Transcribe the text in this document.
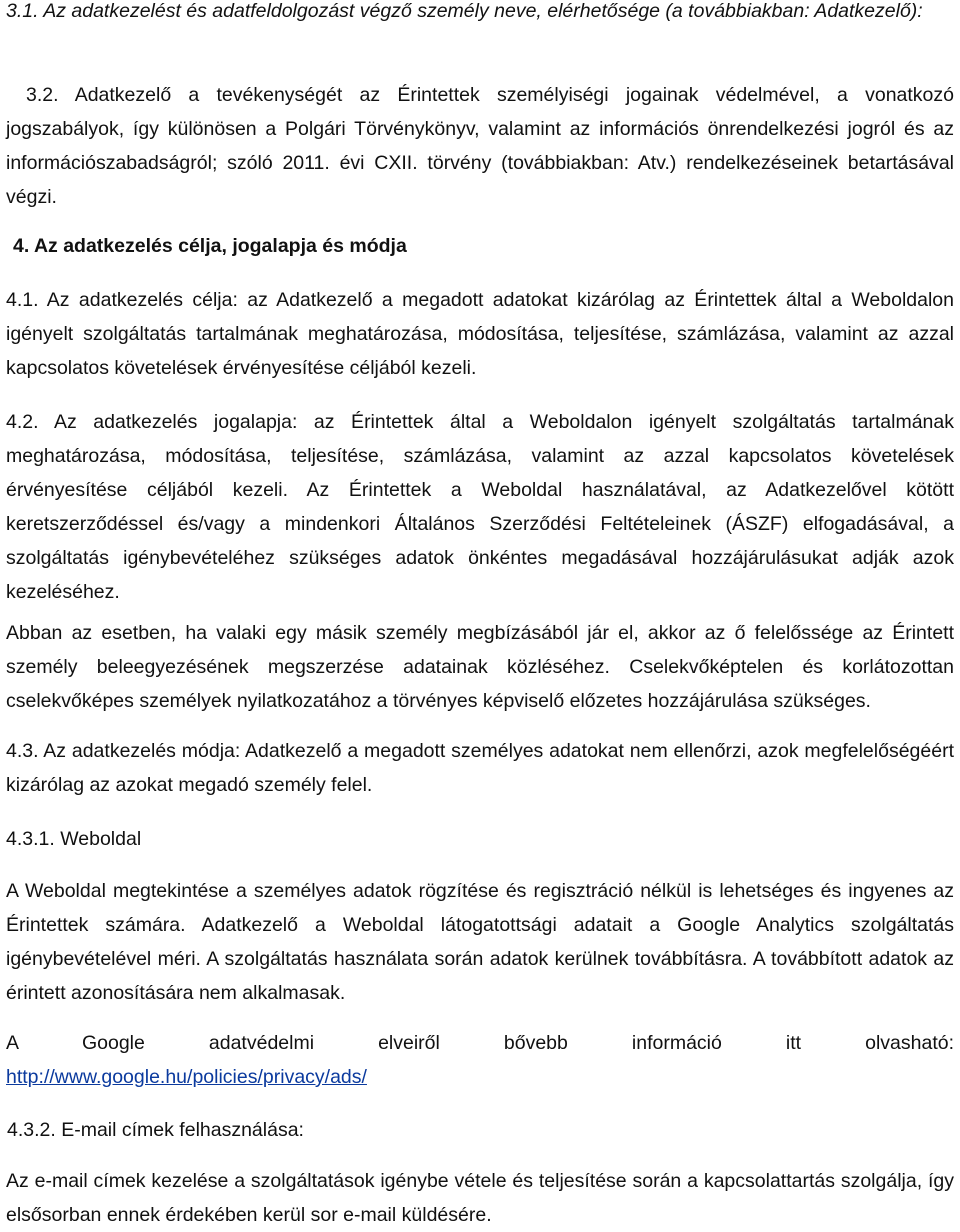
3.1. Az adatkezelést és adatfeldolgozást végző személy neve, elérhetősége (a továbbiakban: Adatkezelő):

3.2. Adatkezelő a tevékenységét az Érintettek személyiségi jogainak védelmével, a vonatkozó jogszabályok, így különösen a Polgári Törvénykönyv, valamint az információs önrendelkezési jogról és az információszabadságról; szóló 2011. évi CXII. törvény (továbbiakban: Atv.) rendelkezéseinek betartásával végzi.

4. Az adatkezelés célja, jogalapja és módja

4.1. Az adatkezelés célja: az Adatkezelő a megadott adatokat kizárólag az Érintettek által a Weboldalon igényelt szolgáltatás tartalmának meghatározása, módosítása, teljesítése, számlázása, valamint az azzal kapcsolatos követelések érvényesítése céljából kezeli.

4.2. Az adatkezelés jogalapja: az Érintettek által a Weboldalon igényelt szolgáltatás tartalmának meghatározása, módosítása, teljesítése, számlázása, valamint az azzal kapcsolatos követelések érvényesítése céljából kezeli. Az Érintettek a Weboldal használatával, az Adatkezelővel kötött keretszerződéssel és/vagy a mindenkori Általános Szerződési Feltételeinek (ÁSZF) elfogadásával, a szolgáltatás igénybevételéhez szükséges adatok önkéntes megadásával hozzájárulásukat adják azok kezeléséhez.

Abban az esetben, ha valaki egy másik személy megbízásából jár el, akkor az ő felelőssége az Érintett személy beleegyezésének megszerzése adatainak közléséhez. Cselekvőképtelen és korlátozottan cselekvőképes személyek nyilatkozatához a törvényes képviselő előzetes hozzájárulása szükséges.

4.3. Az adatkezelés módja: Adatkezelő a megadott személyes adatokat nem ellenőrzi, azok megfelelőségéért kizárólag az azokat megadó személy felel.

4.3.1. Weboldal

A Weboldal megtekintése a személyes adatok rögzítése és regisztráció nélkül is lehetséges és ingyenes az Érintettek számára. Adatkezelő a Weboldal látogatottsági adatait a Google Analytics szolgáltatás igénybevételével méri. A szolgáltatás használata során adatok kerülnek továbbításra. A továbbított adatok az érintett azonosítására nem alkalmasak.

A Google adatvédelmi elveiről bővebb információ itt olvasható:
http://www.google.hu/policies/privacy/ads/

4.3.2. E-mail címek felhasználása:

Az e-mail címek kezelése a szolgáltatások igénybe vétele és teljesítése során a kapcsolattartás szolgálja, így elsősorban ennek érdekében kerül sor e-mail küldésére.
